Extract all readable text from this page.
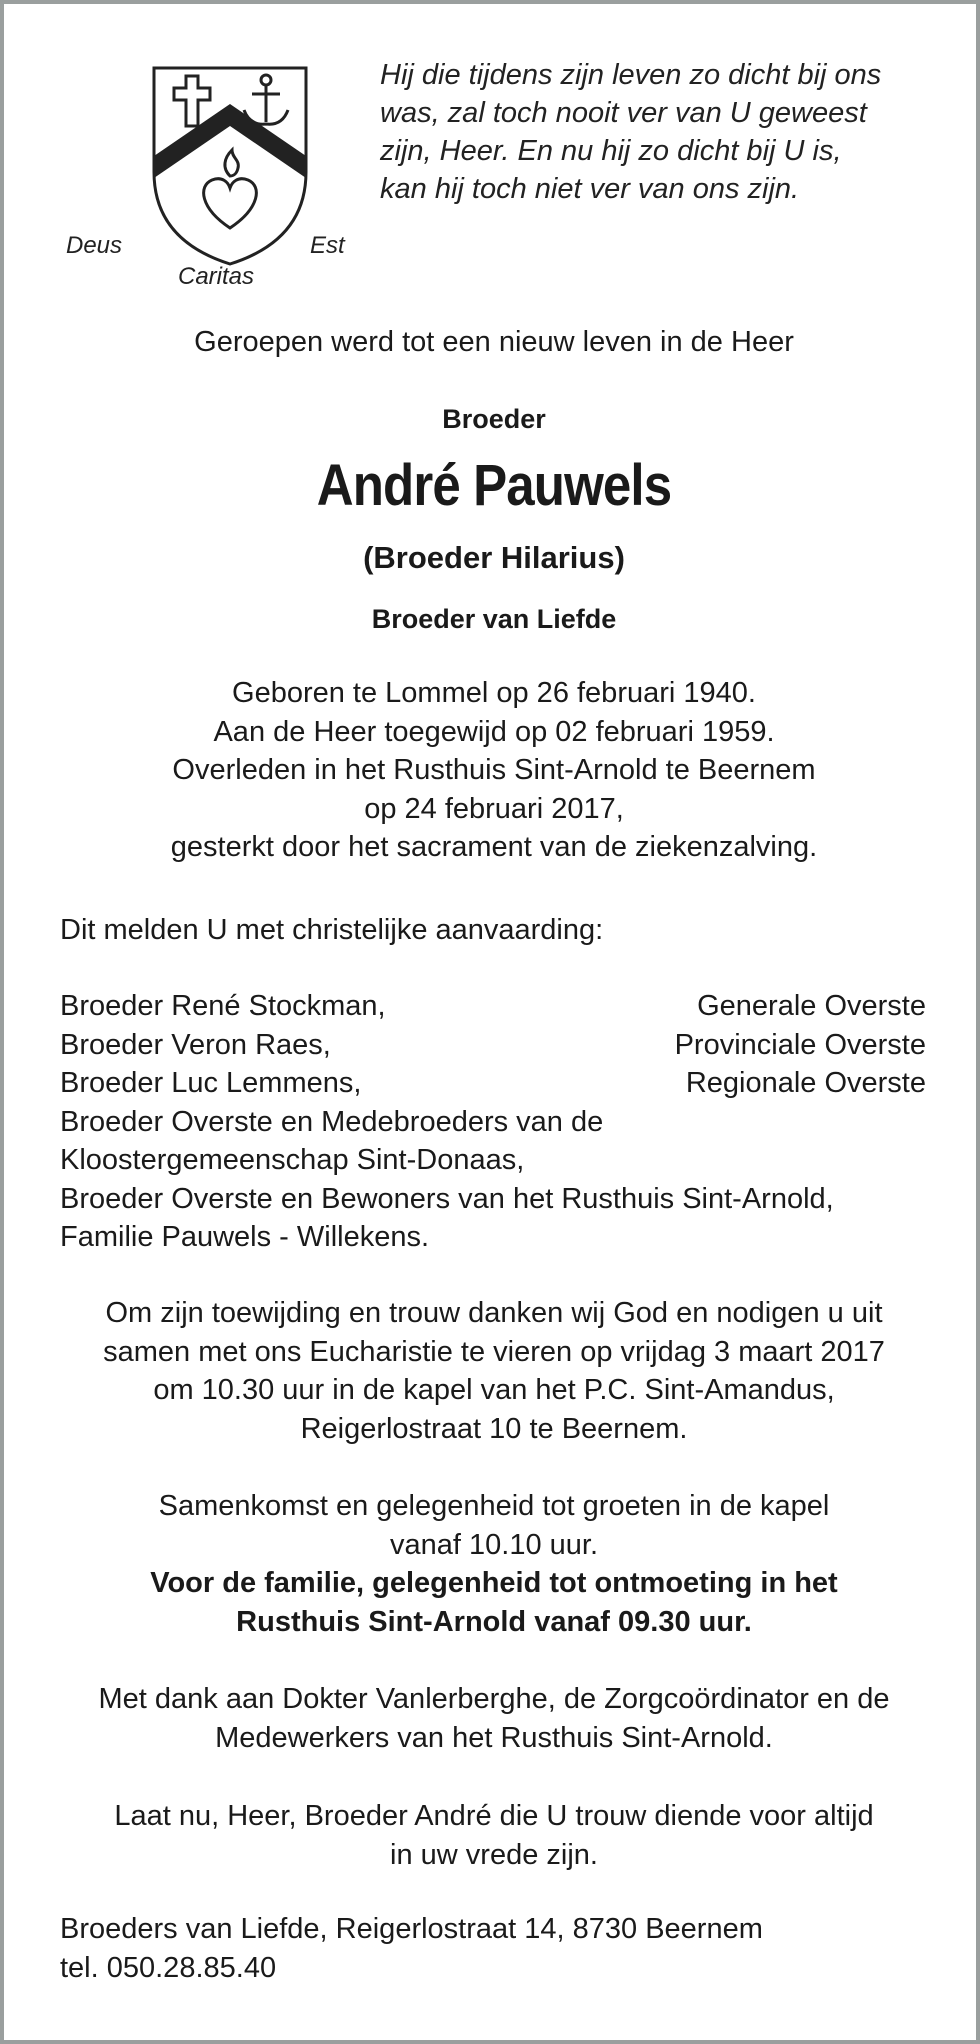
Deus	Est
Caritas
Hij die tijdens zijn leven zo dicht bij ons
was, zal toch nooit ver van U geweest
zijn, Heer. En nu hij zo dicht bij U is,
kan hij toch niet ver van ons zijn.
Geroepen werd tot een nieuw leven in de Heer
Broeder
André Pauwels
(Broeder Hilarius)
Broeder van Liefde
Geboren te Lommel op 26 februari 1940.
Aan de Heer toegewijd op 02 februari 1959.
Overleden in het Rusthuis Sint-Arnold te Beernem
op 24 februari 2017,
gesterkt door het sacrament van de ziekenzalving.
Dit melden U met christelijke aanvaarding:
Broeder René Stockman,	Generale Overste
Broeder Veron Raes,	Provinciale Overste
Broeder Luc Lemmens,	Regionale Overste
Broeder Overste en Medebroeders van de
Kloostergemeenschap Sint-Donaas,
Broeder Overste en Bewoners van het Rusthuis Sint-Arnold,
Familie Pauwels - Willekens.
Om zijn toewijding en trouw danken wij God en nodigen u uit
samen met ons Eucharistie te vieren op vrijdag 3 maart 2017
om 10.30 uur in de kapel van het P.C. Sint-Amandus,
Reigerlostraat 10 te Beernem.
Samenkomst en gelegenheid tot groeten in de kapel
vanaf 10.10 uur.
Voor de familie, gelegenheid tot ontmoeting in het
Rusthuis Sint-Arnold vanaf 09.30 uur.
Met dank aan Dokter Vanlerberghe, de Zorgcoördinator en de
Medewerkers van het Rusthuis Sint-Arnold.
Laat nu, Heer, Broeder André die U trouw diende voor altijd
in uw vrede zijn.
Broeders van Liefde, Reigerlostraat 14, 8730 Beernem
tel. 050.28.85.40
